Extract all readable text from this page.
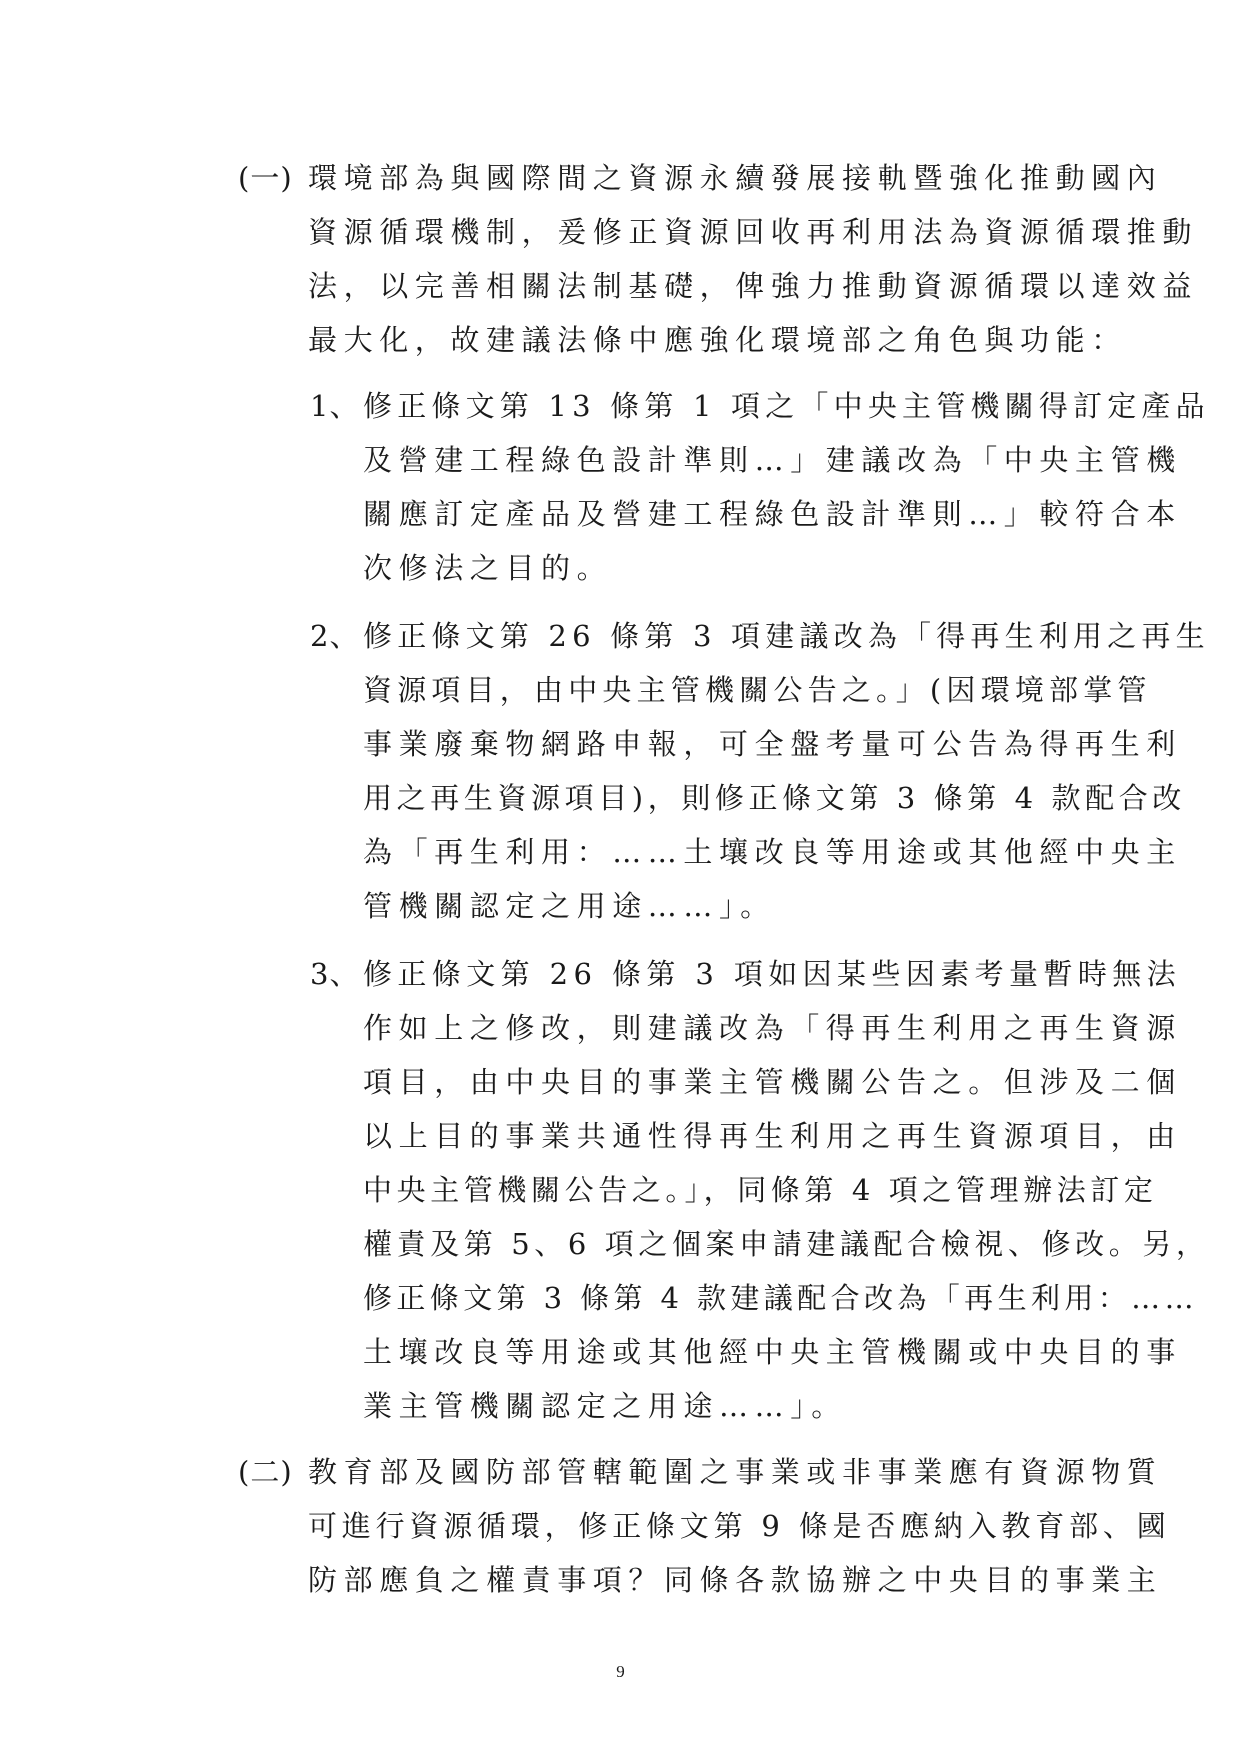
(一) 環境部為與國際間之資源永續發展接軌暨強化推動國內
資源循環機制，爰修正資源回收再利用法為資源循環推動
法，以完善相關法制基礎，俾強力推動資源循環以達效益
最大化，故建議法條中應強化環境部之角色與功能：
1、 修正條文第 13 條第 1 項之「中央主管機關得訂定產品
及營建工程綠色設計準則…」建議改為「中央主管機
關應訂定產品及營建工程綠色設計準則…」較符合本
次修法之目的。
2、 修正條文第 26 條第 3 項建議改為「得再生利用之再生
資源項目，由中央主管機關公告之。」(因環境部掌管
事業廢棄物網路申報，可全盤考量可公告為得再生利
用之再生資源項目)，則修正條文第 3 條第 4 款配合改
為「再生利用：……土壤改良等用途或其他經中央主
管機關認定之用途……」。
3、 修正條文第 26 條第 3 項如因某些因素考量暫時無法
作如上之修改，則建議改為「得再生利用之再生資源
項目，由中央目的事業主管機關公告之。但涉及二個
以上目的事業共通性得再生利用之再生資源項目，由
中央主管機關公告之。」，同條第 4 項之管理辦法訂定
權責及第 5、6 項之個案申請建議配合檢視、修改。另，
修正條文第 3 條第 4 款建議配合改為「再生利用：……
土壤改良等用途或其他經中央主管機關或中央目的事
業主管機關認定之用途……」。
(二) 教育部及國防部管轄範圍之事業或非事業應有資源物質
可進行資源循環，修正條文第 9 條是否應納入教育部、國
防部應負之權責事項？同條各款協辦之中央目的事業主
9
